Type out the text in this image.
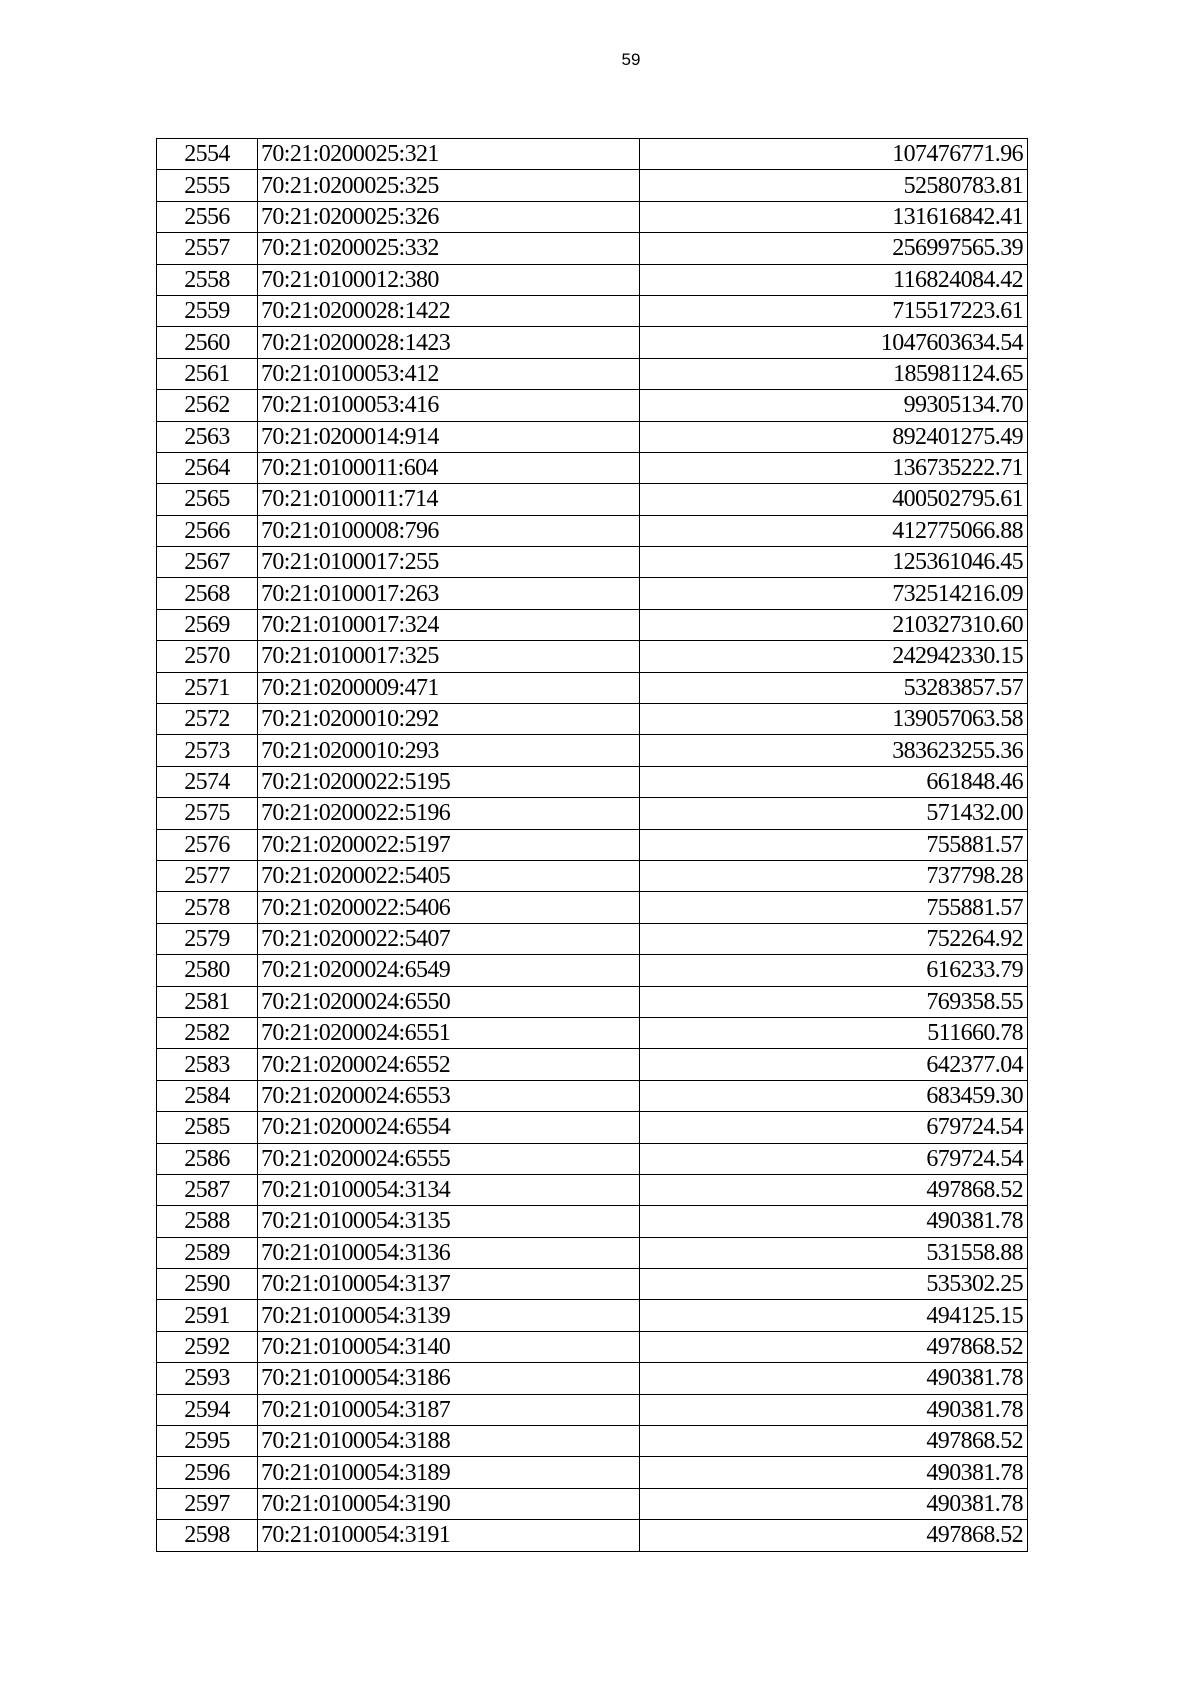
59
2554	70:21:0200025:321	107476771.96
2555	70:21:0200025:325	52580783.81
2556	70:21:0200025:326	131616842.41
2557	70:21:0200025:332	256997565.39
2558	70:21:0100012:380	116824084.42
2559	70:21:0200028:1422	715517223.61
2560	70:21:0200028:1423	1047603634.54
2561	70:21:0100053:412	185981124.65
2562	70:21:0100053:416	99305134.70
2563	70:21:0200014:914	892401275.49
2564	70:21:0100011:604	136735222.71
2565	70:21:0100011:714	400502795.61
2566	70:21:0100008:796	412775066.88
2567	70:21:0100017:255	125361046.45
2568	70:21:0100017:263	732514216.09
2569	70:21:0100017:324	210327310.60
2570	70:21:0100017:325	242942330.15
2571	70:21:0200009:471	53283857.57
2572	70:21:0200010:292	139057063.58
2573	70:21:0200010:293	383623255.36
2574	70:21:0200022:5195	661848.46
2575	70:21:0200022:5196	571432.00
2576	70:21:0200022:5197	755881.57
2577	70:21:0200022:5405	737798.28
2578	70:21:0200022:5406	755881.57
2579	70:21:0200022:5407	752264.92
2580	70:21:0200024:6549	616233.79
2581	70:21:0200024:6550	769358.55
2582	70:21:0200024:6551	511660.78
2583	70:21:0200024:6552	642377.04
2584	70:21:0200024:6553	683459.30
2585	70:21:0200024:6554	679724.54
2586	70:21:0200024:6555	679724.54
2587	70:21:0100054:3134	497868.52
2588	70:21:0100054:3135	490381.78
2589	70:21:0100054:3136	531558.88
2590	70:21:0100054:3137	535302.25
2591	70:21:0100054:3139	494125.15
2592	70:21:0100054:3140	497868.52
2593	70:21:0100054:3186	490381.78
2594	70:21:0100054:3187	490381.78
2595	70:21:0100054:3188	497868.52
2596	70:21:0100054:3189	490381.78
2597	70:21:0100054:3190	490381.78
2598	70:21:0100054:3191	497868.52
